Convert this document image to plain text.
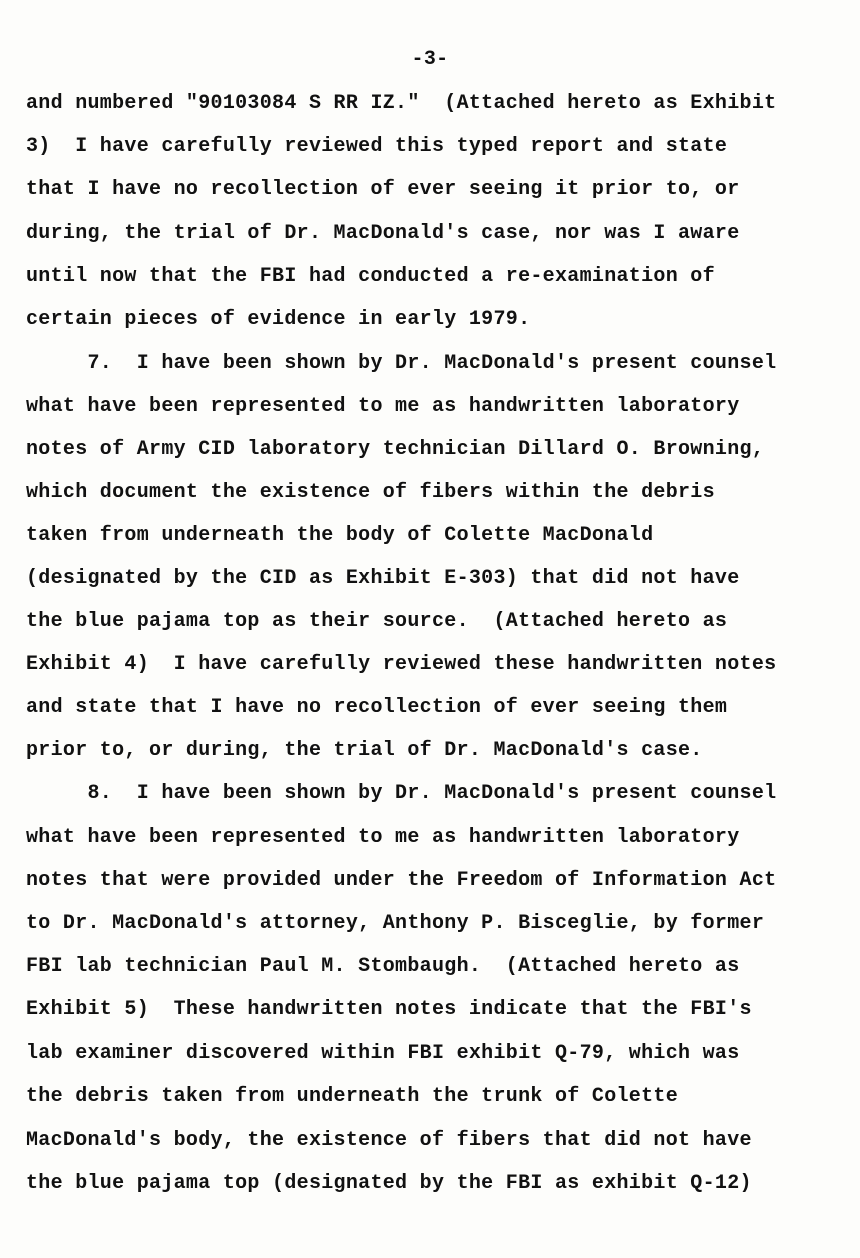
-3-
and numbered "90103084 S RR IZ."  (Attached hereto as Exhibit
3)  I have carefully reviewed this typed report and state
that I have no recollection of ever seeing it prior to, or
during, the trial of Dr. MacDonald's case, nor was I aware
until now that the FBI had conducted a re-examination of
certain pieces of evidence in early 1979.
7.  I have been shown by Dr. MacDonald's present counsel
what have been represented to me as handwritten laboratory
notes of Army CID laboratory technician Dillard O. Browning,
which document the existence of fibers within the debris
taken from underneath the body of Colette MacDonald
(designated by the CID as Exhibit E-303) that did not have
the blue pajama top as their source.  (Attached hereto as
Exhibit 4)  I have carefully reviewed these handwritten notes
and state that I have no recollection of ever seeing them
prior to, or during, the trial of Dr. MacDonald's case.
8.  I have been shown by Dr. MacDonald's present counsel
what have been represented to me as handwritten laboratory
notes that were provided under the Freedom of Information Act
to Dr. MacDonald's attorney, Anthony P. Bisceglie, by former
FBI lab technician Paul M. Stombaugh.  (Attached hereto as
Exhibit 5)  These handwritten notes indicate that the FBI's
lab examiner discovered within FBI exhibit Q-79, which was
the debris taken from underneath the trunk of Colette
MacDonald's body, the existence of fibers that did not have
the blue pajama top (designated by the FBI as exhibit Q-12)
